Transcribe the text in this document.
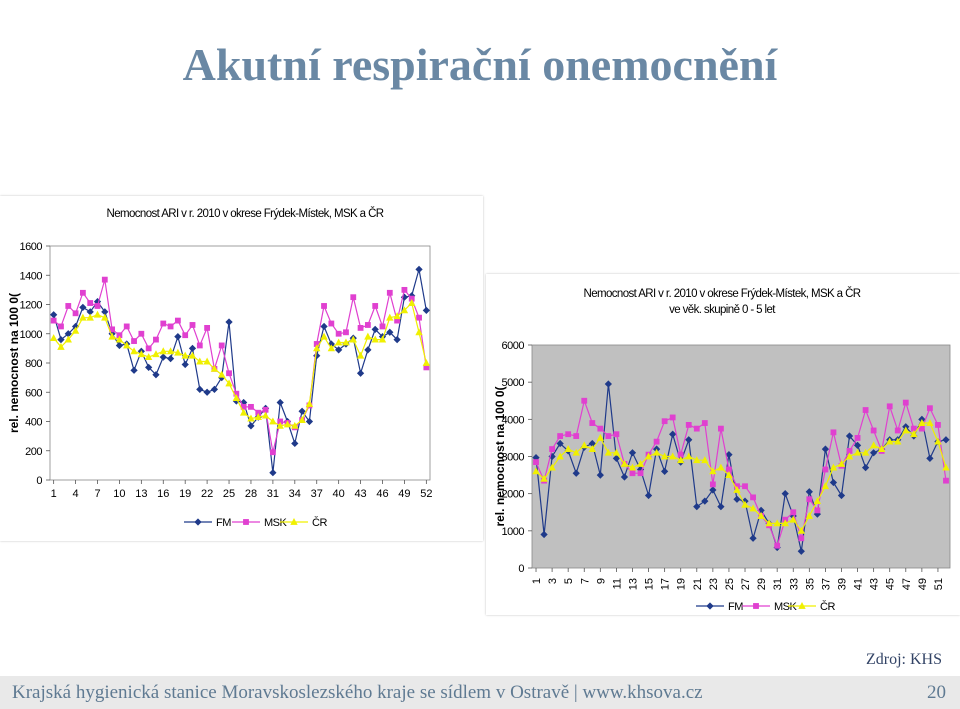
Akutní respirační onemocnění
Nemocnost ARI v r. 2010 v okrese Frýdek-Místek, MSK a ČR
0
200
400
600
800
1000
1200
1400
1600
rel. nemocnost na 100 0(
1 4 7 10 13 16 19 22 25 28 31 34 37 40 43 46 49 52
FM	MSK ČR
Nemocnost ARI v r. 2010 v okrese Frýdek-Místek, MSK a ČR
ve věk. skupině 0 - 5 let
0
1000
2000
3000
4000
5000
6000
rel. nemocnost na 100 0(
1 3 5 7 9 11 13 15 17 19 21 23 25 27 29 31 33 35 37 39 41 43 45 47 49 51
FM	MSK ČR
Zdroj: KHS
Krajská hygienická stanice Moravskoslezského kraje se sídlem v Ostravě | www.khsova.cz	20
